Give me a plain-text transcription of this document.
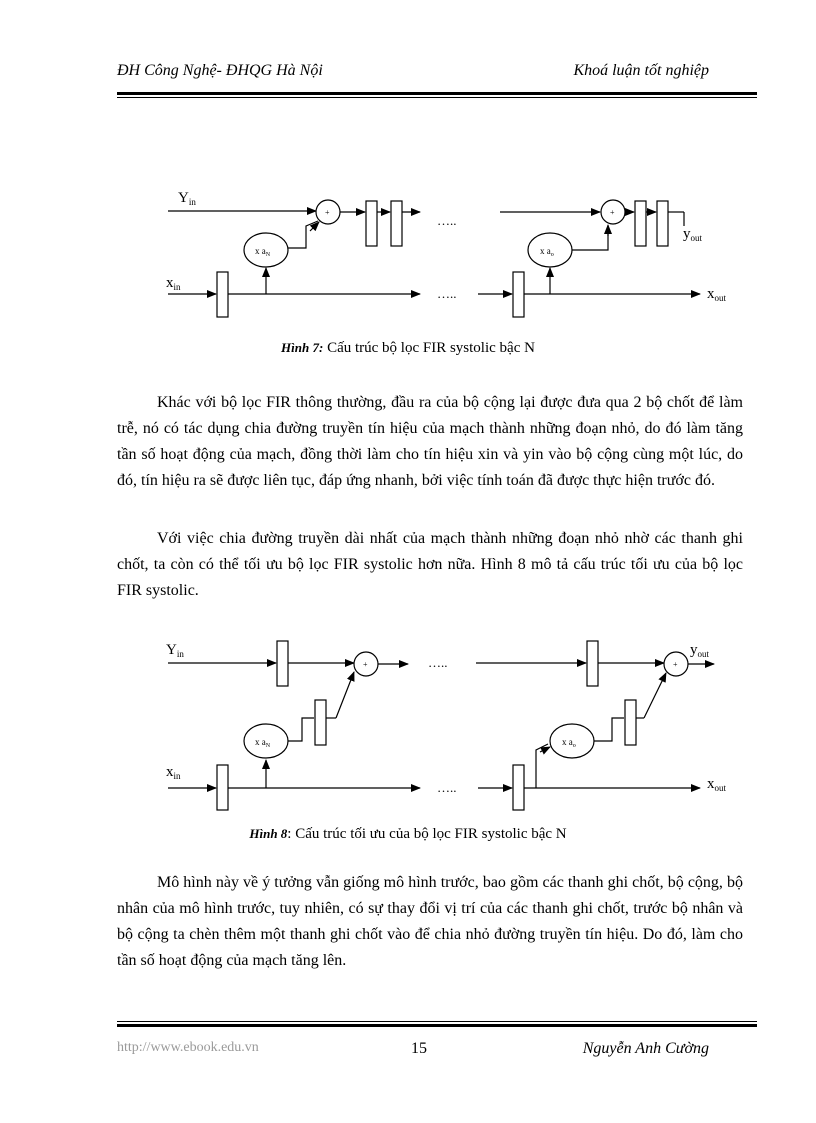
ĐH Công Nghệ- ĐHQG Hà Nội	Khoá luận tốt nghiệp
$Y_{in}$
$x_{in}$
$y_{out}$
$x_{out}$
x $a_N$	x $a_o$
+	+
…..
…..
$Y_{in}$
$x_{in}$
$y_{out}$
$x_{out}$
x $a_N$	x $a_o$
+	+
…..
…..
Hình 7: Cấu trúc bộ lọc FIR systolic bậc N

Khác với bộ lọc FIR thông thường, đầu ra của bộ cộng lại được đưa qua 2 bộ chốt để làm trễ, nó có tác dụng chia đường truyền tín hiệu của mạch thành những đoạn nhỏ, do đó làm tăng tần số hoạt động của mạch, đồng thời làm cho tín hiệu xin và yin vào bộ cộng cùng một lúc, do đó, tín hiệu ra sẽ được liên tục, đáp ứng nhanh, bởi việc tính toán đã được thực hiện trước đó.

Với việc chia đường truyền dài nhất của mạch thành những đoạn nhỏ nhờ các thanh ghi chốt, ta còn có thể tối ưu bộ lọc FIR systolic hơn nữa. Hình 8 mô tả cấu trúc tối ưu của bộ lọc FIR systolic.

Hình 8: Cấu trúc tối ưu của bộ lọc FIR systolic bậc N

Mô hình này về ý tưởng vẫn giống mô hình trước, bao gồm các thanh ghi chốt, bộ cộng, bộ nhân của mô hình trước, tuy nhiên, có sự thay đổi vị trí của các thanh ghi chốt, trước bộ nhân và bộ cộng ta chèn thêm một thanh ghi chốt vào để chia nhỏ đường truyền tín hiệu. Do đó, làm cho tần số hoạt động của mạch tăng lên.

http://www.ebook.edu.vn	15	Nguyễn Anh Cường
